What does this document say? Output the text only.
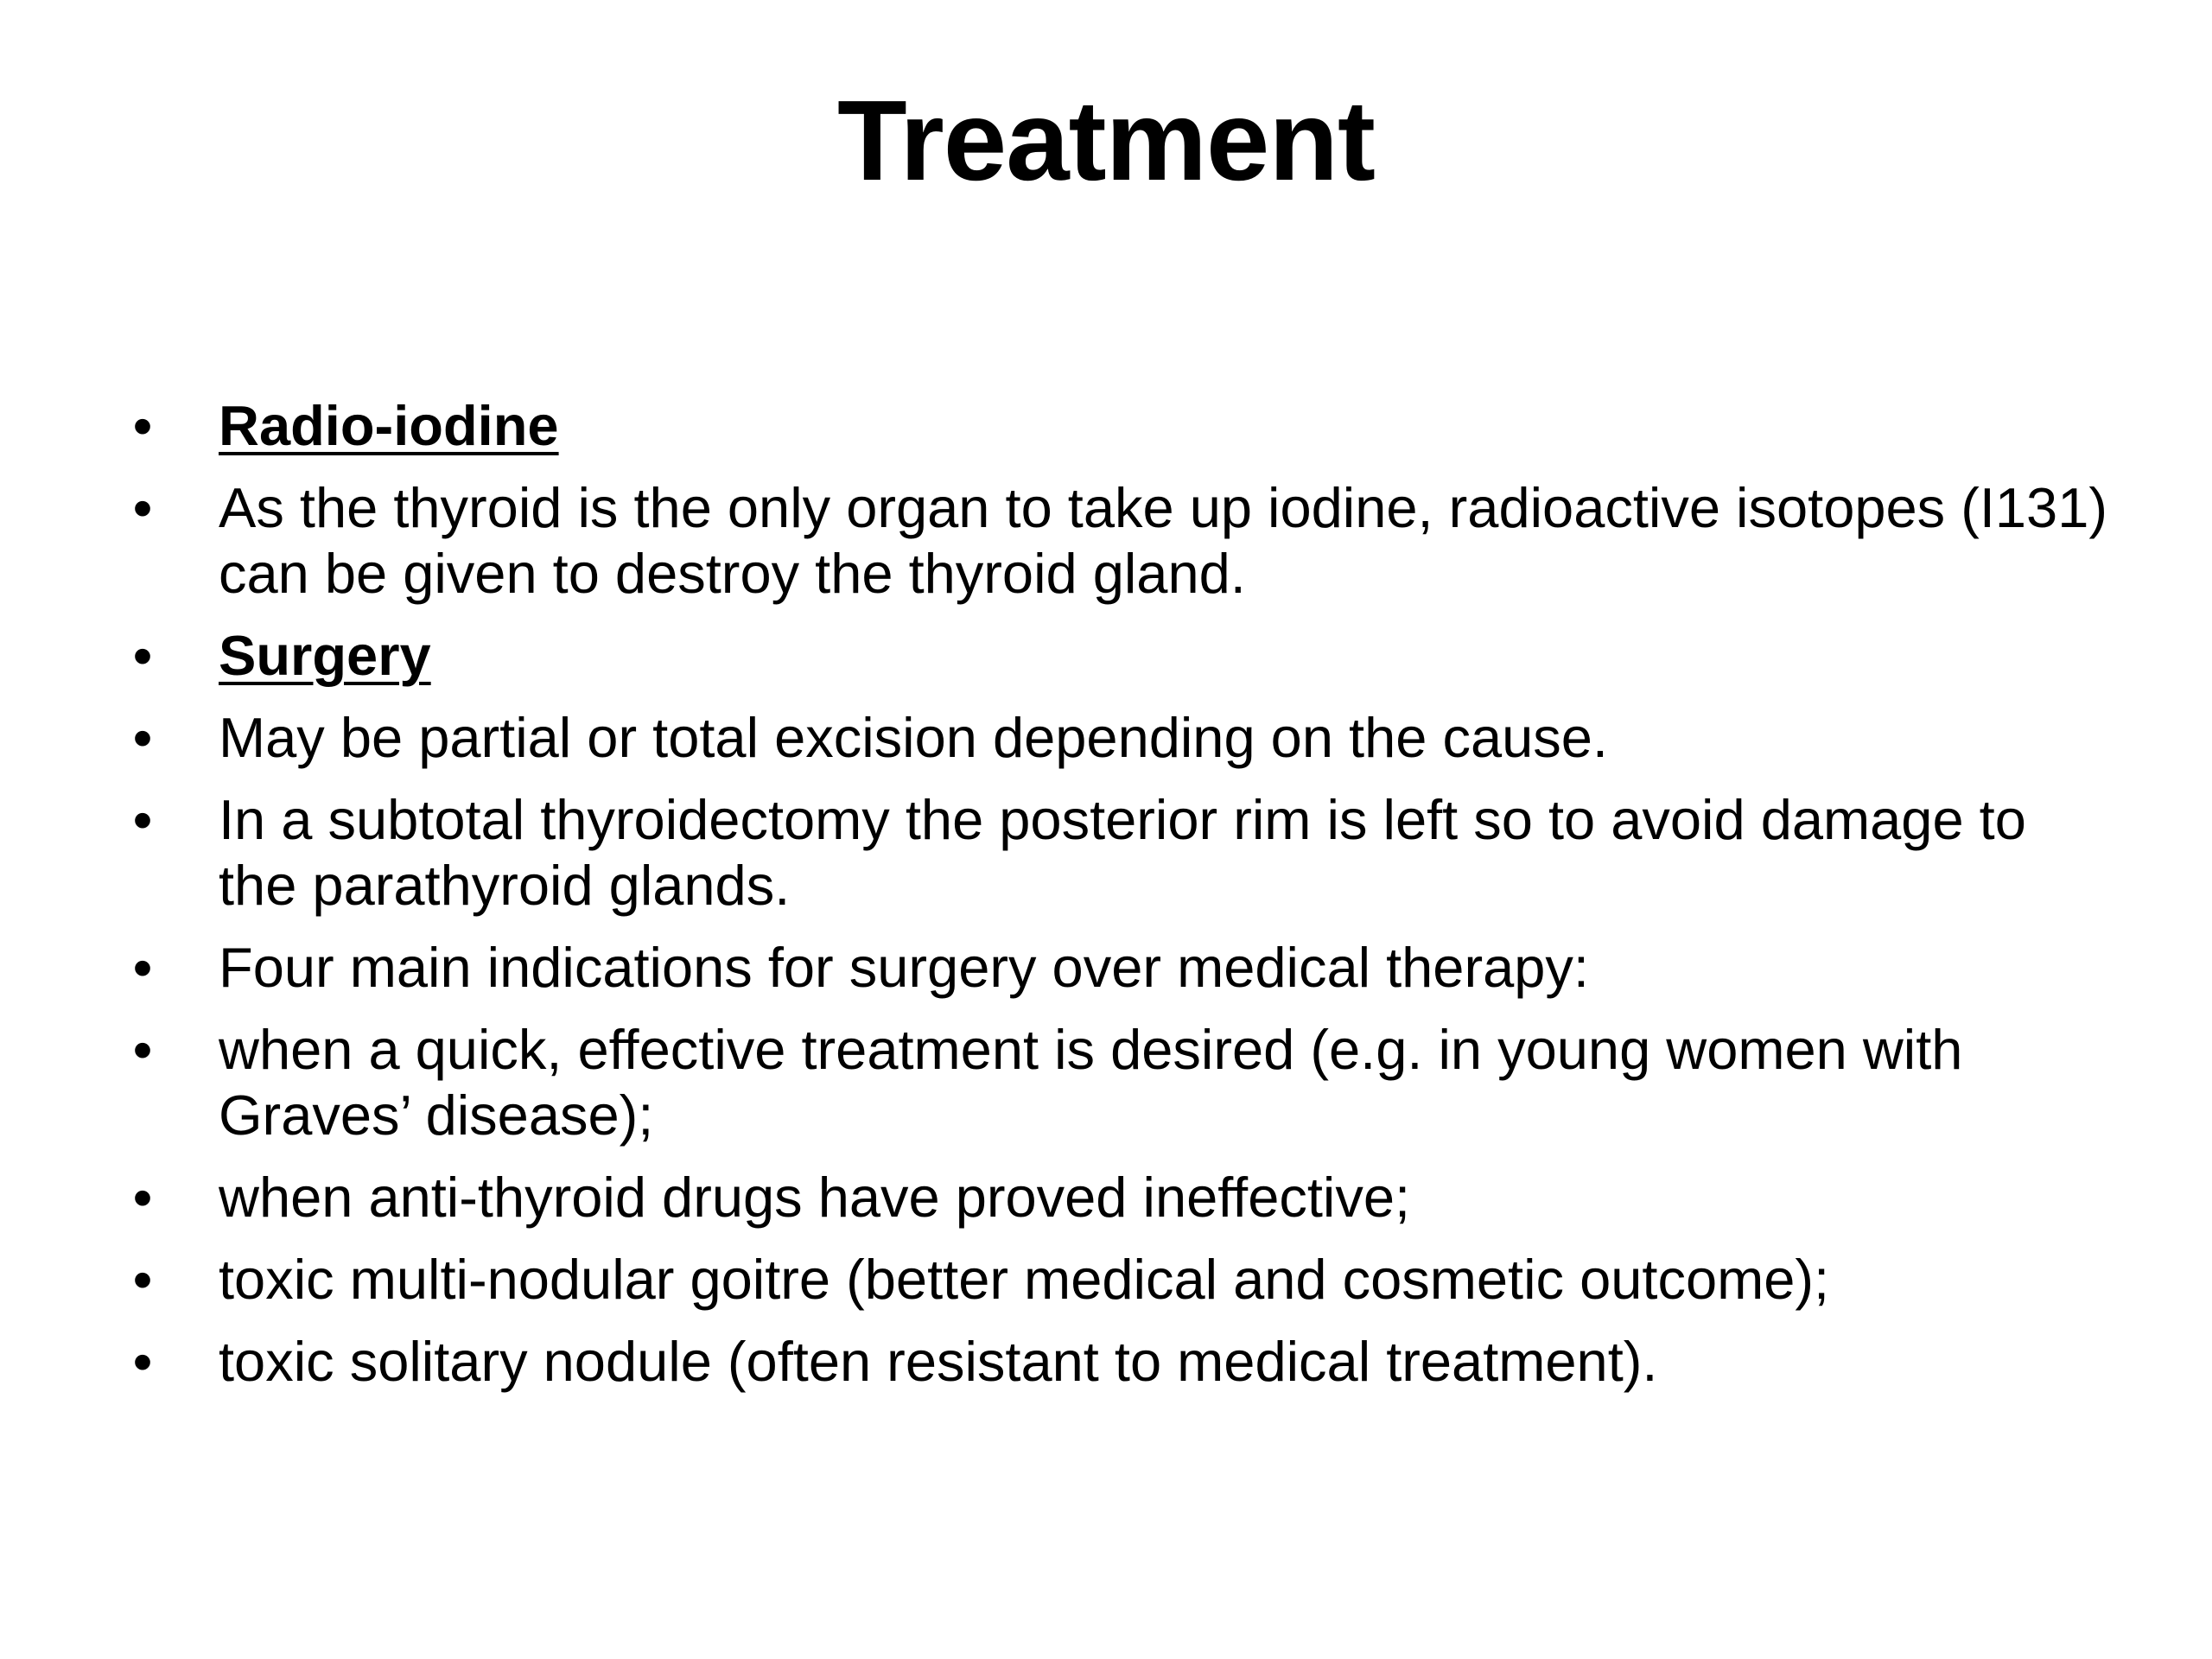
Treatment
• Radio-iodine
• As the thyroid is the only organ to take up iodine, radioactive isotopes (I131) can be given to destroy the thyroid gland.
• Surgery
• May be partial or total excision depending on the cause.
• In a subtotal thyroidectomy the posterior rim is left so to avoid damage to the parathyroid glands.
• Four main indications for surgery over medical therapy:
• when a quick, effective treatment is desired (e.g. in young women with Graves’ disease);
• when anti-thyroid drugs have proved ineffective;
• toxic multi-nodular goitre (better medical and cosmetic outcome);
• toxic solitary nodule (often resistant to medical treatment).
